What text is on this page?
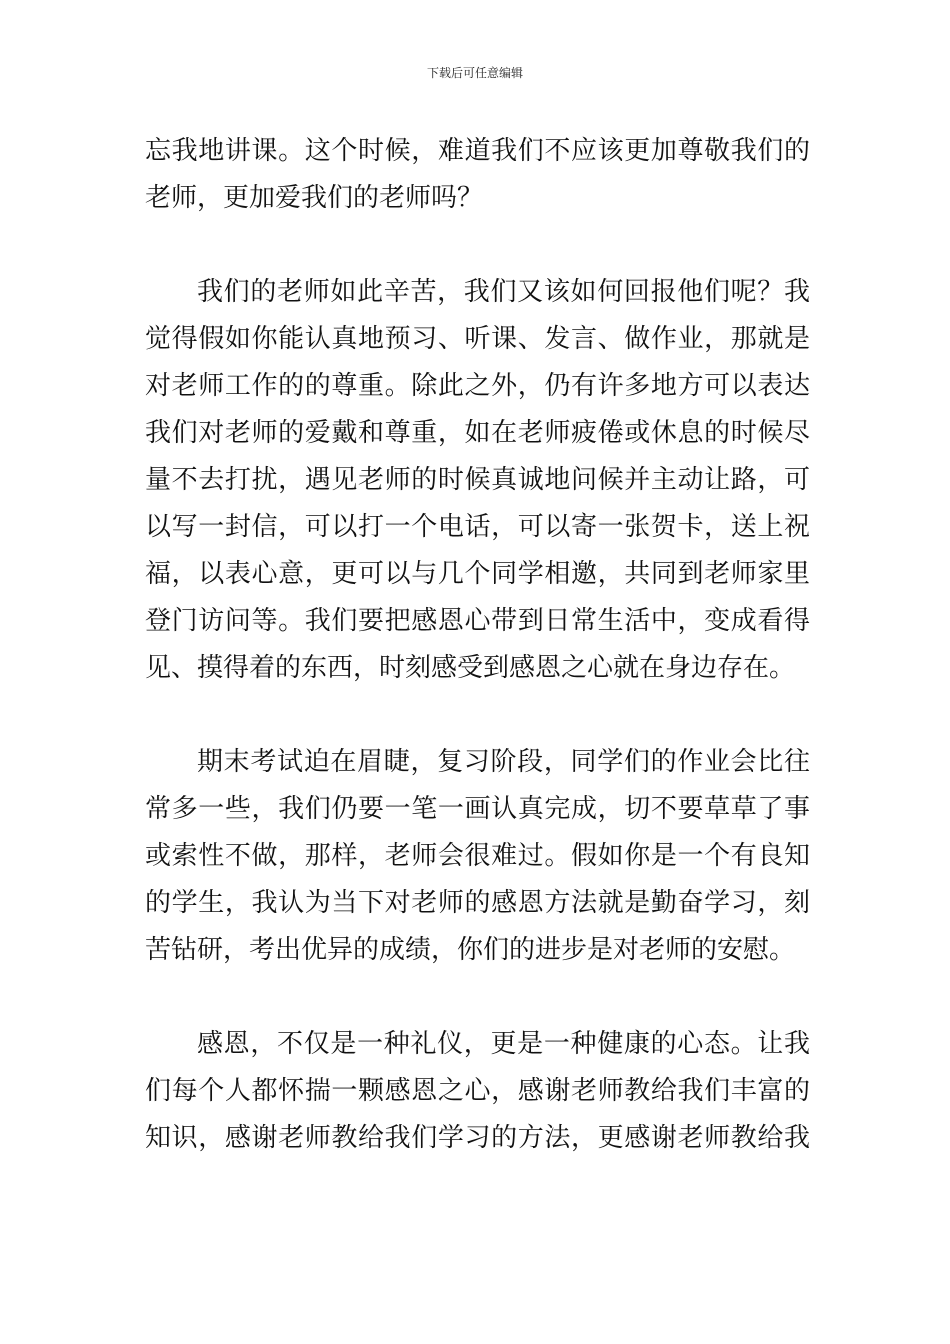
下载后可任意编辑

忘我地讲课。这个时候，难道我们不应该更加尊敬我们的
老师，更加爱我们的老师吗？

我们的老师如此辛苦，我们又该如何回报他们呢？我
觉得假如你能认真地预习、听课、发言、做作业，那就是
对老师工作的的尊重。除此之外，仍有许多地方可以表达
我们对老师的爱戴和尊重，如在老师疲倦或休息的时候尽
量不去打扰，遇见老师的时候真诚地问候并主动让路，可
以写一封信，可以打一个电话，可以寄一张贺卡，送上祝
福，以表心意，更可以与几个同学相邀，共同到老师家里
登门访问等。我们要把感恩心带到日常生活中，变成看得
见、摸得着的东西，时刻感受到感恩之心就在身边存在。

期末考试迫在眉睫，复习阶段，同学们的作业会比往
常多一些，我们仍要一笔一画认真完成，切不要草草了事
或索性不做，那样，老师会很难过。假如你是一个有良知
的学生，我认为当下对老师的感恩方法就是勤奋学习，刻
苦钻研，考出优异的成绩，你们的进步是对老师的安慰。

感恩，不仅是一种礼仪，更是一种健康的心态。让我
们每个人都怀揣一颗感恩之心，感谢老师教给我们丰富的
知识，感谢老师教给我们学习的方法，更感谢老师教给我
